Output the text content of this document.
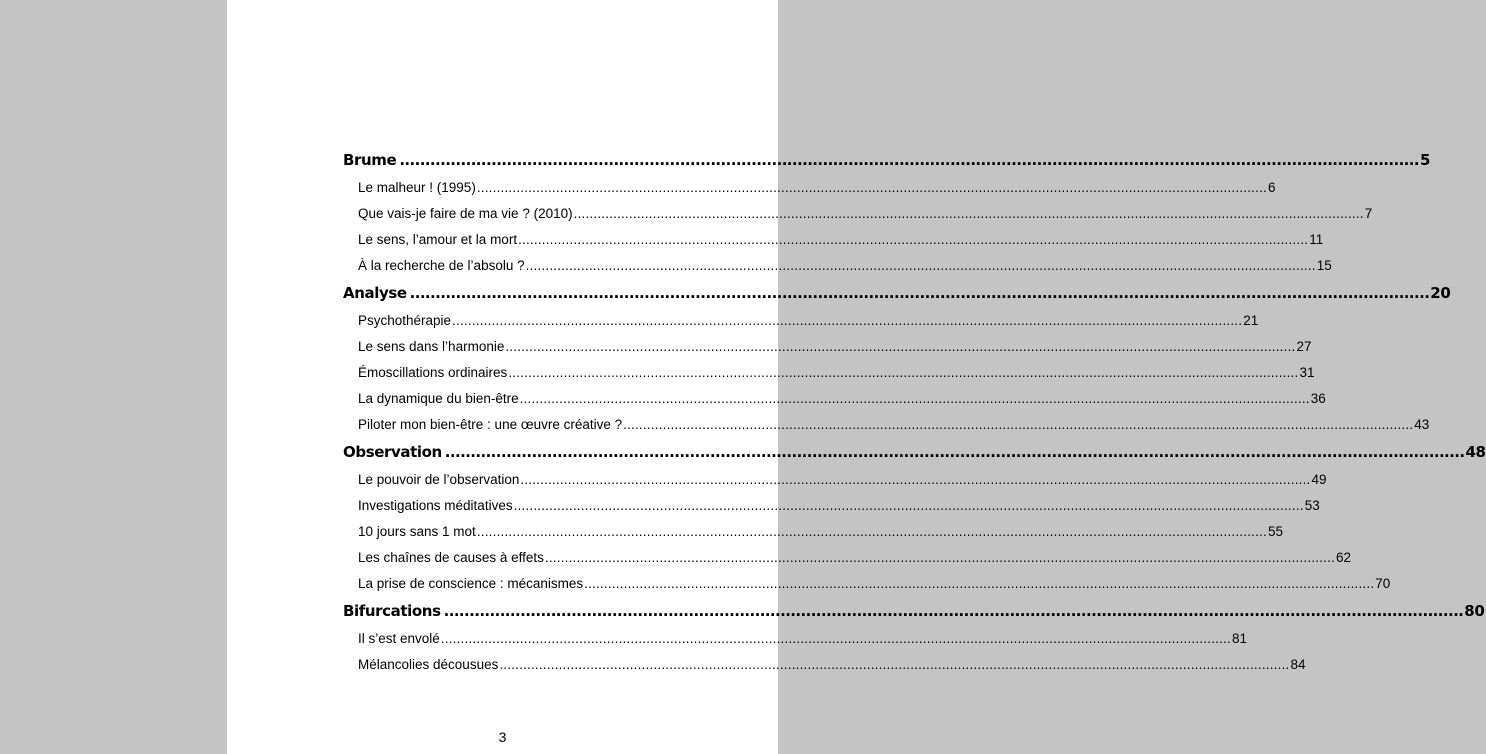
Brume ........................................................................................................................................................................................................ 5
Le malheur ! (1995) ........................................................................................................................................................................................................ 6
Que vais-je faire de ma vie ? (2010) ........................................................................................................................................................................................................ 7
Le sens, l’amour et la mort ........................................................................................................................................................................................................ 11
À la recherche de l’absolu ? ........................................................................................................................................................................................................ 15
Analyse ........................................................................................................................................................................................................ 20
Psychothérapie ........................................................................................................................................................................................................ 21
Le sens dans l’harmonie ........................................................................................................................................................................................................ 27
Émoscillations ordinaires ........................................................................................................................................................................................................ 31
La dynamique du bien-être ........................................................................................................................................................................................................ 36
Piloter mon bien-être : une œuvre créative ? ........................................................................................................................................................................................................ 43
Observation ........................................................................................................................................................................................................ 48
Le pouvoir de l’observation ........................................................................................................................................................................................................ 49
Investigations méditatives ........................................................................................................................................................................................................ 53
10 jours sans 1 mot ........................................................................................................................................................................................................ 55
Les chaînes de causes à effets ........................................................................................................................................................................................................ 62
La prise de conscience : mécanismes ........................................................................................................................................................................................................ 70
Bifurcations ........................................................................................................................................................................................................ 80
Il s’est envolé ........................................................................................................................................................................................................ 81
Mélancolies décousues ........................................................................................................................................................................................................ 84
3
